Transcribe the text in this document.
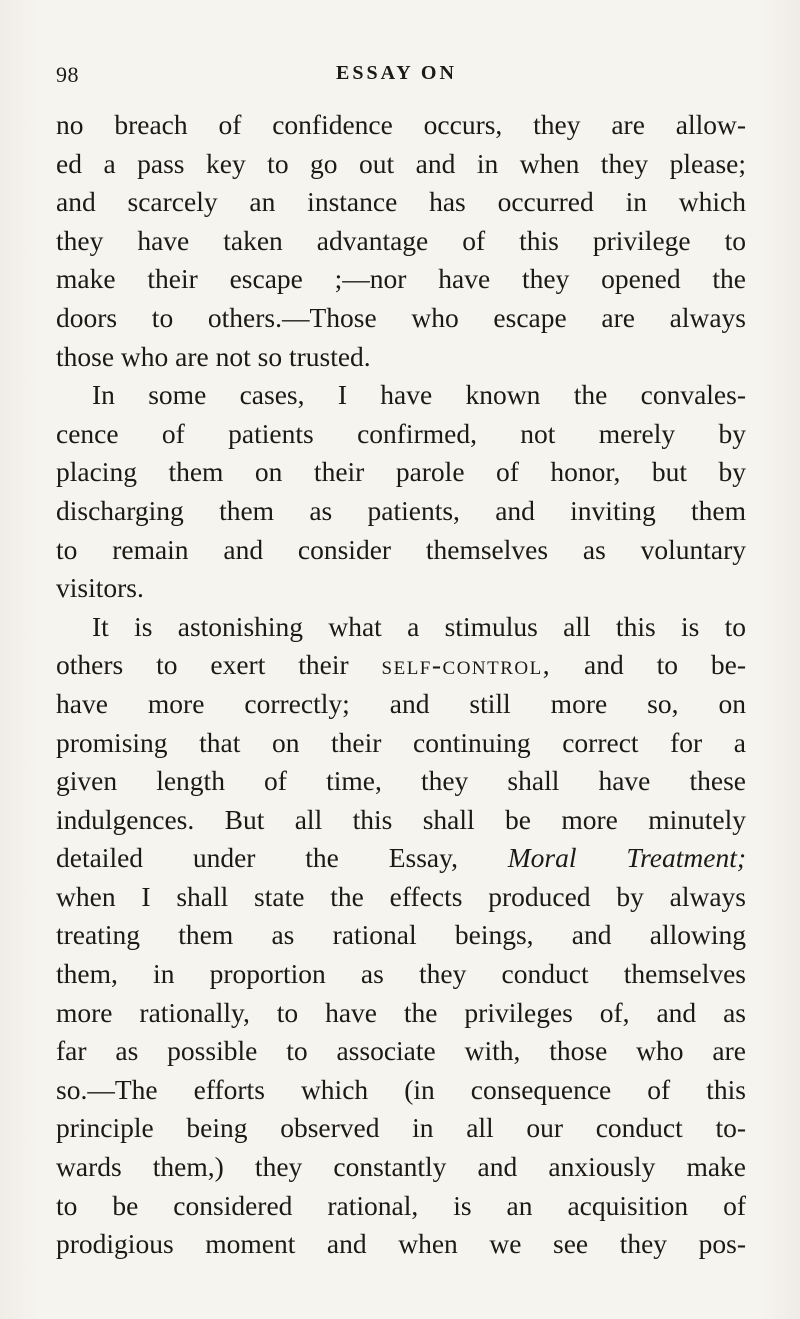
98	ESSAY ON
no breach of confidence occurs, they are allow-
ed a pass key to go out and in when they please;
and scarcely an instance has occurred in which
they have taken advantage of this privilege to
make their escape ;—nor have they opened the
doors to others.—Those who escape are always
those who are not so trusted.
In some cases, I have known the convales-
cence of patients confirmed, not merely by
placing them on their parole of honor, but by
discharging them as patients, and inviting them
to remain and consider themselves as voluntary
visitors.
It is astonishing what a stimulus all this is to
others to exert their self-control, and to be-
have more correctly; and still more so, on
promising that on their continuing correct for a
given length of time, they shall have these
indulgences. But all this shall be more minutely
detailed under the Essay, Moral Treatment;
when I shall state the effects produced by always
treating them as rational beings, and allowing
them, in proportion as they conduct themselves
more rationally, to have the privileges of, and as
far as possible to associate with, those who are
so.—The efforts which (in consequence of this
principle being observed in all our conduct to-
wards them,) they constantly and anxiously make
to be considered rational, is an acquisition of
prodigious moment and when we see they pos-
